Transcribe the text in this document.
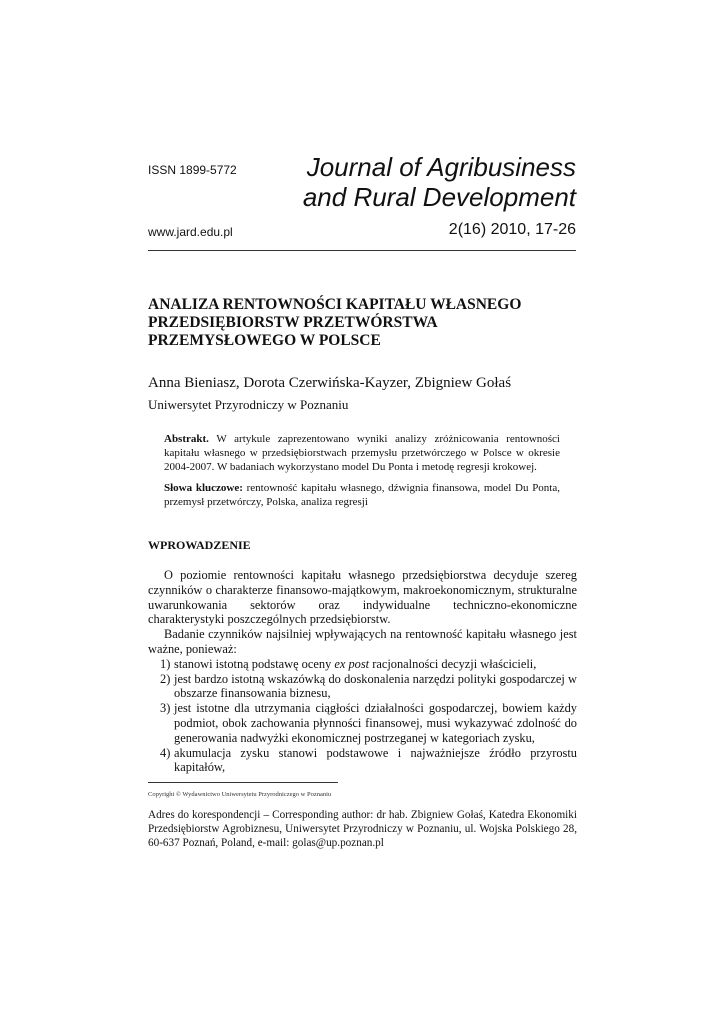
ISSN 1899-5772	Journal of Agribusiness
and Rural Development
www.jard.edu.pl	2(16) 2010, 17-26
ANALIZA RENTOWNOŚCI KAPITAŁU WŁASNEGO
PRZEDSIĘBIORSTW PRZETWÓRSTWA
PRZEMYSŁOWEGO W POLSCE
Anna Bieniasz, Dorota Czerwińska-Kayzer, Zbigniew Gołaś
Uniwersytet Przyrodniczy w Poznaniu
Abstrakt. W artykule zaprezentowano wyniki analizy zróżnicowania rentowności kapitału własnego w przedsiębiorstwach przemysłu przetwórczego w Polsce w okresie 2004-2007. W badaniach wykorzystano model Du Ponta i metodę regresji krokowej.
Słowa kluczowe: rentowność kapitału własnego, dźwignia finansowa, model Du Ponta, przemysł przetwórczy, Polska, analiza regresji
WPROWADZENIE

O poziomie rentowności kapitału własnego przedsiębiorstwa decyduje szereg czynników o charakterze finansowo-majątkowym, makroekonomicznym, strukturalne uwarunkowania sektorów oraz indywidualne techniczno-ekonomiczne charakterystyki poszczególnych przedsiębiorstw.

Badanie czynników najsilniej wpływających na rentowność kapitału własnego jest ważne, ponieważ:

1) stanowi istotną podstawę oceny ex post racjonalności decyzji właścicieli,
2) jest bardzo istotną wskazówką do doskonalenia narzędzi polityki gospodarczej w obszarze finansowania biznesu,
3) jest istotne dla utrzymania ciągłości działalności gospodarczej, bowiem każdy podmiot, obok zachowania płynności finansowej, musi wykazywać zdolność do generowania nadwyżki ekonomicznej postrzeganej w kategoriach zysku,
4) akumulacja zysku stanowi podstawowe i najważniejsze źródło przyrostu kapitałów,
Copyright © Wydawnictwo Uniwersytetu Przyrodniczego w Poznaniu
Adres do korespondencji – Corresponding author: dr hab. Zbigniew Gołaś, Katedra Ekonomiki Przedsiębiorstw Agrobiznesu, Uniwersytet Przyrodniczy w Poznaniu, ul. Wojska Polskiego 28, 60-637 Poznań, Poland, e-mail: golas@up.poznan.pl
